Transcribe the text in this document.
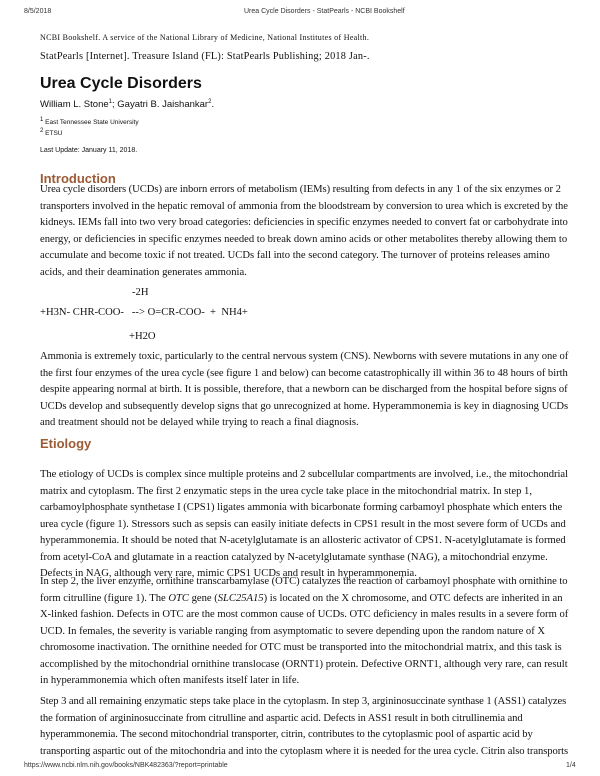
8/5/2018	Urea Cycle Disorders - StatPearls - NCBI Bookshelf
NCBI Bookshelf. A service of the National Library of Medicine, National Institutes of Health.
StatPearls [Internet]. Treasure Island (FL): StatPearls Publishing; 2018 Jan-.
Urea Cycle Disorders
William L. Stone$^1$; Gayatri B. Jaishankar$^2$.
$^1$ East Tennessee State University
$^2$ ETSU
Last Update: January 11, 2018.
Introduction
Urea cycle disorders (UCDs) are inborn errors of metabolism (IEMs) resulting from defects in any 1 of the six enzymes or 2
transporters involved in the hepatic removal of ammonia from the bloodstream by conversion to urea which is excreted by the
kidneys. IEMs fall into two very broad categories: deficiencies in specific enzymes needed to convert fat or carbohydrate into
energy, or deficiencies in specific enzymes needed to break down amino acids or other metabolites thereby allowing them to
accumulate and become toxic if not treated. UCDs fall into the second category. The turnover of proteins releases amino
acids, and their deamination generates ammonia.
-2H
+H3N- CHR-COO-   --> O=CR-COO-  +  NH4+
+H2O
Ammonia is extremely toxic, particularly to the central nervous system (CNS). Newborns with severe mutations in any one of
the first four enzymes of the urea cycle (see figure 1 and below) can become catastrophically ill within 36 to 48 hours of birth
despite appearing normal at birth. It is possible, therefore, that a newborn can be discharged from the hospital before signs of
UCDs develop and subsequently develop signs that go unrecognized at home. Hyperammonemia is key in diagnosing UCDs
and treatment should not be delayed while trying to reach a final diagnosis.
Etiology
The etiology of UCDs is complex since multiple proteins and 2 subcellular compartments are involved, i.e., the mitochondrial
matrix and cytoplasm. The first 2 enzymatic steps in the urea cycle take place in the mitochondrial matrix. In step 1,
carbamoylphosphate synthetase I (CPS1) ligates ammonia with bicarbonate forming carbamoyl phosphate which enters the
urea cycle (figure 1). Stressors such as sepsis can easily initiate defects in CPS1 result in the most severe form of UCDs and
hyperammonemia. It should be noted that N-acetylglutamate is an allosteric activator of CPS1. N-acetylglutamate is formed
from acetyl-CoA and glutamate in a reaction catalyzed by N-acetylglutamate synthase (NAG), a mitochondrial enzyme.
Defects in NAG, although very rare, mimic CPS1 UCDs and result in hyperammonemia.
In step 2, the liver enzyme, ornithine transcarbamylase (OTC) catalyzes the reaction of carbamoyl phosphate with ornithine to
form citrulline (figure 1). The OTC gene (SLC25A15) is located on the X chromosome, and OTC defects are inherited in an
X-linked fashion. Defects in OTC are the most common cause of UCDs. OTC deficiency in males results in a severe form of
UCD. In females, the severity is variable ranging from asymptomatic to severe depending upon the random nature of X
chromosome inactivation. The ornithine needed for OTC must be transported into the mitochondrial matrix, and this task is
accomplished by the mitochondrial ornithine translocase (ORNT1) protein. Defective ORNT1, although very rare, can result
in hyperammonemia which often manifests itself later in life.
Step 3 and all remaining enzymatic steps take place in the cytoplasm. In step 3, argininosuccinate synthase 1 (ASS1) catalyzes
the formation of argininosuccinate from citrulline and aspartic acid. Defects in ASS1 result in both citrullinemia and
hyperammonemia. The second mitochondrial transporter, citrin, contributes to the cytoplasmic pool of aspartic acid by
transporting aspartic out of the mitochondria and into the cytoplasm where it is needed for the urea cycle. Citrin also transports
https://www.ncbi.nlm.nih.gov/books/NBK482363/?report=printable	1/4
